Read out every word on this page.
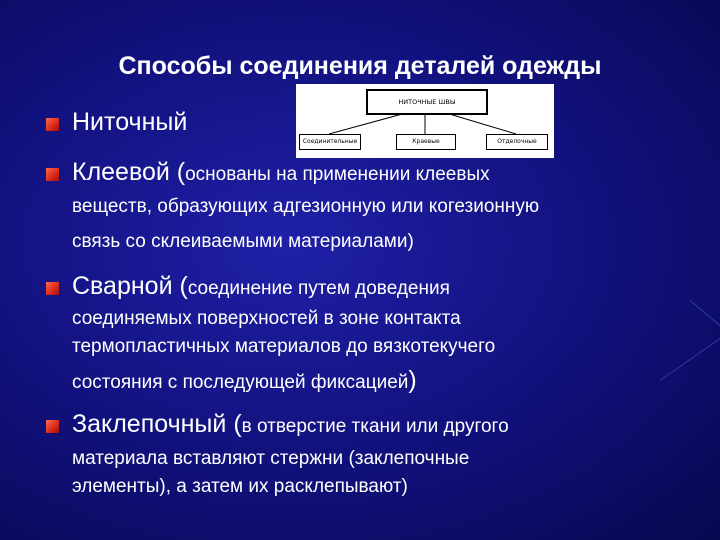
Способы соединения деталей одежды
НИТОЧНЫЕ ШВЫ
Соединительные	Краевые	Отделочные
Ниточный
Клеевой (основаны на применении клеевых
веществ, образующих адгезионную или когезионную
связь со склеиваемыми материалами)
Сварной (соединение путем доведения
соединяемых поверхностей в зоне контакта
термопластичных материалов до вязкотекучего
состояния с последующей фиксацией)
Заклепочный (в отверстие ткани или другого
материала вставляют стержни (заклепочные
элементы), а затем их расклепывают)
